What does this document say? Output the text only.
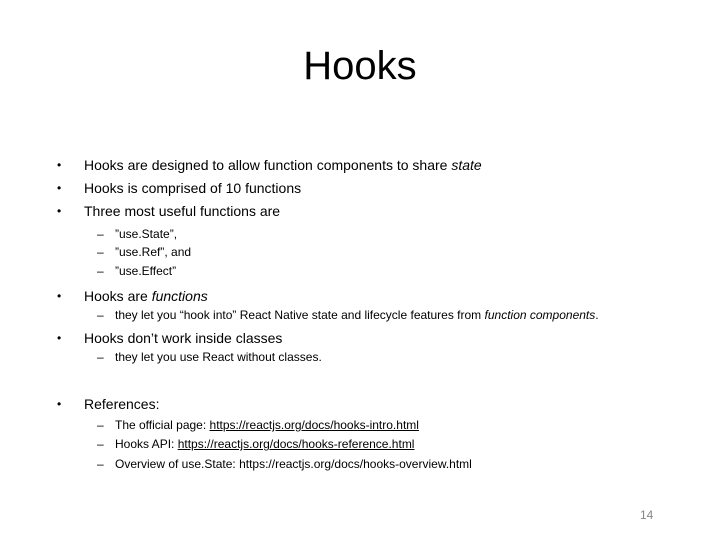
Hooks
• Hooks are designed to allow function components to share state
• Hooks is comprised of 10 functions
• Three most useful functions are
– ”use.State”,
– ”use.Ref”, and
– ”use.Effect”
• Hooks are functions
– they let you “hook into” React Native state and lifecycle features from function components.
• Hooks don’t work inside classes
– they let you use React without classes.
• References:
– The official page: https://reactjs.org/docs/hooks-intro.html
– Hooks API: https://reactjs.org/docs/hooks-reference.html
– Overview of use.State: https://reactjs.org/docs/hooks-overview.html
14
